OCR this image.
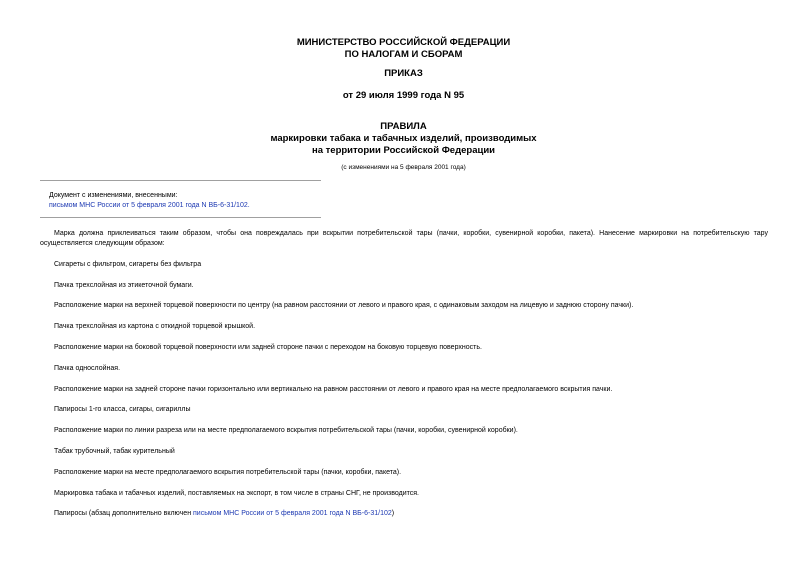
МИНИСТЕРСТВО РОССИЙСКОЙ ФЕДЕРАЦИИ
ПО НАЛОГАМ И СБОРАМ
ПРИКАЗ
от 29 июля 1999 года N 95
ПРАВИЛА
маркировки табака и табачных изделий, производимых
на территории Российской Федерации
(с изменениями на 5 февраля 2001 года)
Документ с изменениями, внесенными:
письмом МНС России от 5 февраля 2001 года N ВБ-6-31/102.

Марка должна приклеиваться таким образом, чтобы она повреждалась при вскрытии потребительской тары (пачки, коробки, сувенирной коробки, пакета). Нанесение маркировки на потребительскую тару осуществляется следующим образом:

Сигареты с фильтром, сигареты без фильтра

Пачка трехслойная из этикеточной бумаги.

Расположение марки на верхней торцевой поверхности по центру (на равном расстоянии от левого и правого края, с одинаковым заходом на лицевую и заднюю сторону пачки).

Пачка трехслойная из картона с откидной торцевой крышкой.

Расположение марки на боковой торцевой поверхности или задней стороне пачки с переходом на боковую торцевую поверхность.

Пачка однослойная.

Расположение марки на задней стороне пачки горизонтально или вертикально на равном расстоянии от левого и правого края на месте предполагаемого вскрытия пачки.

Папиросы 1-го класса, сигары, сигариллы

Расположение марки по линии разреза или на месте предполагаемого вскрытия потребительской тары (пачки, коробки, сувенирной коробки).

Табак трубочный, табак курительный

Расположение марки на месте предполагаемого вскрытия потребительской тары (пачки, коробки, пакета).

Маркировка табака и табачных изделий, поставляемых на экспорт, в том числе в страны СНГ, не производится.

Папиросы (абзац дополнительно включен письмом МНС России от 5 февраля 2001 года N ВБ-6-31/102)
